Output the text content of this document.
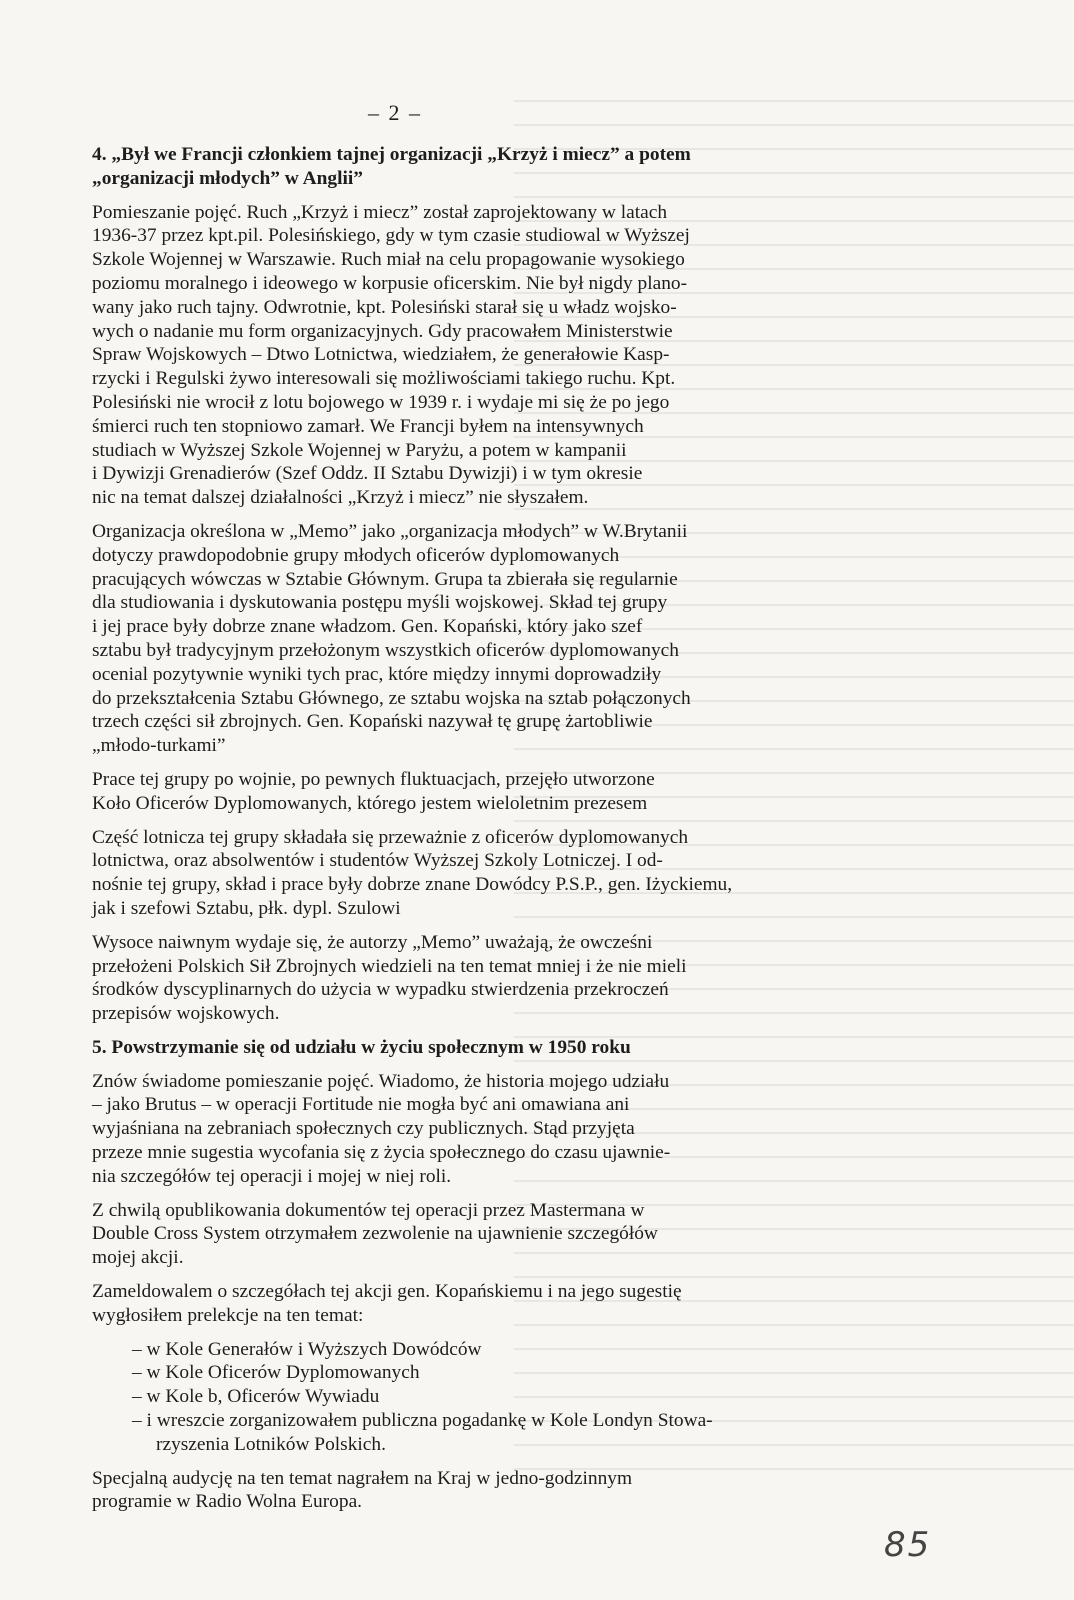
– 2 –
4. „Był we Francji członkiem tajnej organizacji „Krzyż i miecz” a potem
„organizacji młodych” w Anglii”
Pomieszanie pojęć. Ruch „Krzyż i miecz” został zaprojektowany w latach
1936-37 przez kpt.pil. Polesińskiego, gdy w tym czasie studiowal w Wyższej
Szkole Wojennej w Warszawie. Ruch miał na celu propagowanie wysokiego
poziomu moralnego i ideowego w korpusie oficerskim. Nie był nigdy plano-
wany jako ruch tajny. Odwrotnie, kpt. Polesiński starał się u władz wojsko-
wych o nadanie mu form organizacyjnych. Gdy pracowałem Ministerstwie
Spraw Wojskowych – Dtwo Lotnictwa, wiedziałem, że generałowie Kasp-
rzycki i Regulski żywo interesowali się możliwościami takiego ruchu. Kpt.
Polesiński nie wrocił z lotu bojowego w 1939 r. i wydaje mi się że po jego
śmierci ruch ten stopniowo zamarł. We Francji byłem na intensywnych
studiach w Wyższej Szkole Wojennej w Paryżu, a potem w kampanii
i Dywizji Grenadierów (Szef Oddz. II Sztabu Dywizji) i w tym okresie
nic na temat dalszej działalności „Krzyż i miecz” nie słyszałem.
Organizacja określona w „Memo” jako „organizacja młodych” w W.Brytanii
dotyczy prawdopodobnie grupy młodych oficerów dyplomowanych
pracujących wówczas w Sztabie Głównym. Grupa ta zbierała się regularnie
dla studiowania i dyskutowania postępu myśli wojskowej. Skład tej grupy
i jej prace były dobrze znane władzom. Gen. Kopański, który jako szef
sztabu był tradycyjnym przełożonym wszystkich oficerów dyplomowanych
ocenial pozytywnie wyniki tych prac, które między innymi doprowadziły
do przekształcenia Sztabu Głównego, ze sztabu wojska na sztab połączonych
trzech części sił zbrojnych. Gen. Kopański nazywał tę grupę żartobliwie
„młodo-turkami”
Prace tej grupy po wojnie, po pewnych fluktuacjach, przejęło utworzone
Koło Oficerów Dyplomowanych, którego jestem wieloletnim prezesem
Część lotnicza tej grupy składała się przeważnie z oficerów dyplomowanych
lotnictwa, oraz absolwentów i studentów Wyższej Szkoly Lotniczej. I od-
nośnie tej grupy, skład i prace były dobrze znane Dowódcy P.S.P., gen. Iżyckiemu,
jak i szefowi Sztabu, płk. dypl. Szulowi
Wysoce naiwnym wydaje się, że autorzy „Memo” uważają, że owcześni
przełożeni Polskich Sił Zbrojnych wiedzieli na ten temat mniej i że nie mieli
środków dyscyplinarnych do użycia w wypadku stwierdzenia przekroczeń
przepisów wojskowych.
5. Powstrzymanie się od udziału w życiu społecznym w 1950 roku
Znów świadome pomieszanie pojęć. Wiadomo, że historia mojego udziału
– jako Brutus – w operacji Fortitude nie mogła być ani omawiana ani
wyjaśniana na zebraniach społecznych czy publicznych. Stąd przyjęta
przeze mnie sugestia wycofania się z życia społecznego do czasu ujawnie-
nia szczegółów tej operacji i mojej w niej roli.
Z chwilą opublikowania dokumentów tej operacji przez Mastermana w
Double Cross System otrzymałem zezwolenie na ujawnienie szczegółów
mojej akcji.
Zameldowalem o szczegółach tej akcji gen. Kopańskiemu i na jego sugestię
wygłosiłem prelekcje na ten temat:
– w Kole Generałów i Wyższych Dowódców
– w Kole Oficerów Dyplomowanych
– w Kole b, Oficerów Wywiadu
– i wreszcie zorganizowałem publiczna pogadankę w Kole Londyn Stowa-
rzyszenia Lotników Polskich.
Specjalną audycję na ten temat nagrałem na Kraj w jedno-godzinnym
programie w Radio Wolna Europa.
85
